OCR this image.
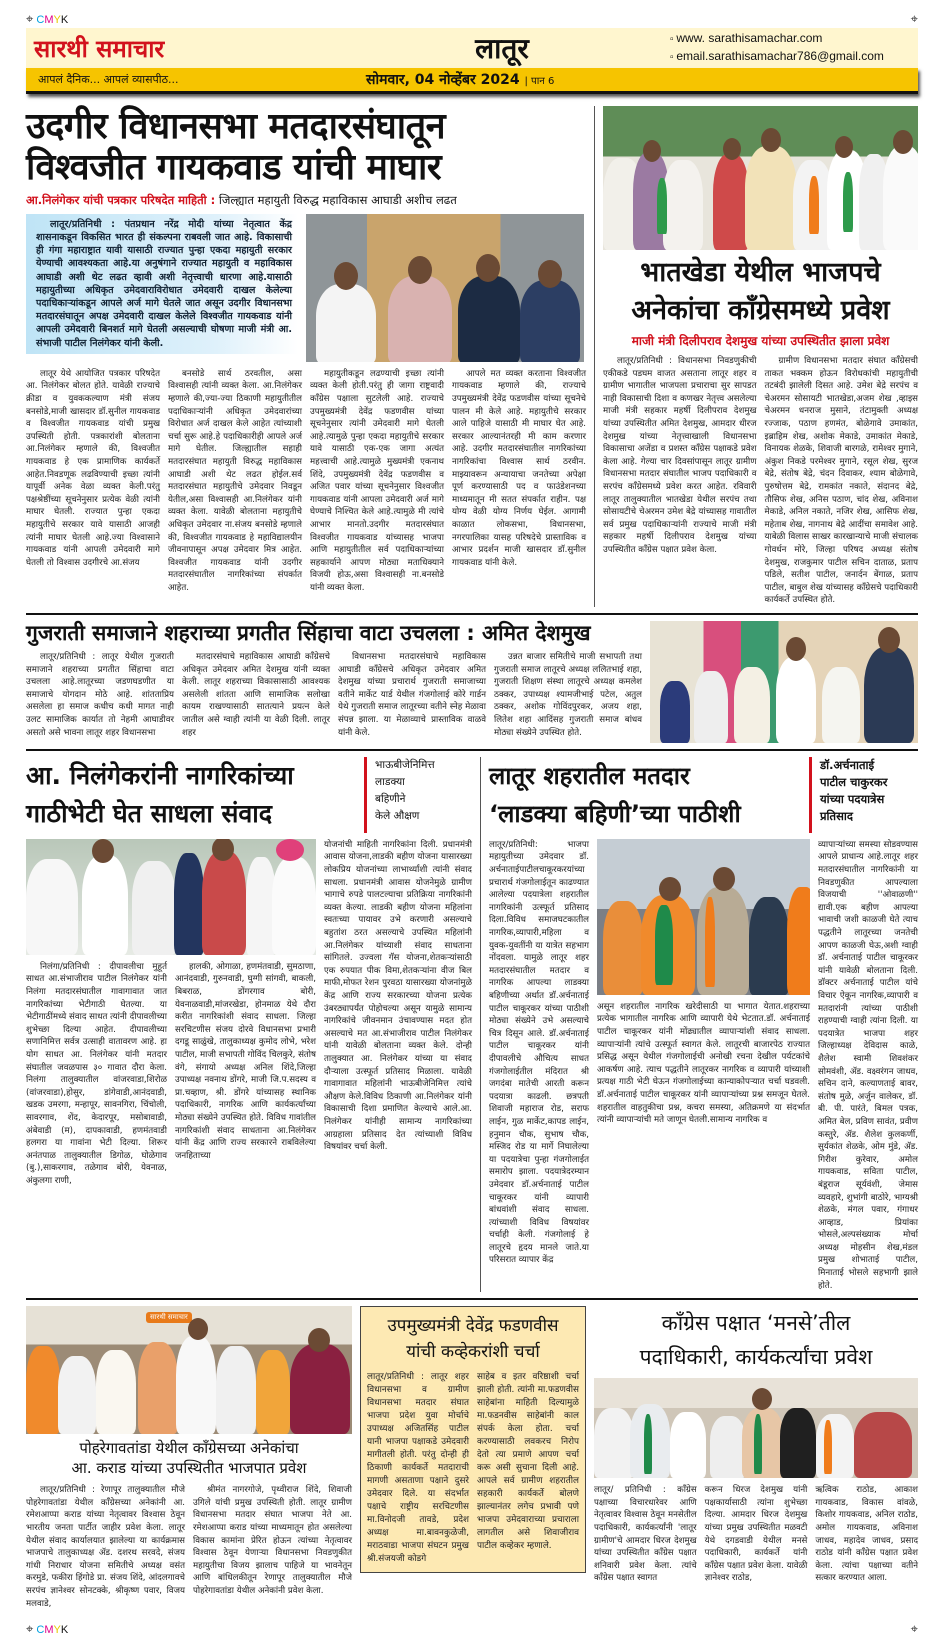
⌖ CMYK	⌖
सारथी समाचार	लातूर	▫ www. sarathisamachar.com
▫ email.sarathisamachar786@gmail.com
आपलं दैनिक... आपलं व्यासपीठ...	सोमवार, 04 नोव्हेंबर 2024 | पान 6
उदगीर विधानसभा मतदारसंघातून
विश्वजीत गायकवाड यांची माघार
आ.निलंगेकर यांची पत्रकार परिषदेत माहिती : जिल्ह्यात महायुती विरुद्ध महाविकास आघाडी अशीच लढत
लातूर/प्रतिनिधी : पंतप्रधान नरेंद्र मोदी यांच्या नेतृत्वात केंद्र शासनाकडून विकसित भारत ही संकल्पना राबवली जात आहे. विकासाची ही गंगा महाराष्ट्रात यावी यासाठी राज्यात पुन्हा एकदा महायुती सरकार येण्याची आवश्यकता आहे.या अनुषंगाने राज्यात महायुती व महाविकास आघाडी अशी थेट लढत व्हावी अशी नेतृत्त्वाची धारणा आहे.यासाठी महायुतीच्या अधिकृत उमेदवाराविरोधात उमेदवारी दाखल केलेल्या पदाधिकाऱ्यांकडून आपले अर्ज मागे घेतले जात असून उदगीर विधानसभा मतदारसंघातून अपक्ष उमेदवारी दाखल केलेले विश्वजीत गायकवाड यांनी आपली उमेदवारी बिनशर्त मागे घेतली असल्याची घोषणा माजी मंत्री आ. संभाजी पाटील निलंगेकर यांनी केली.
लातूर येथे आयोजित पत्रकार परिषदेत आ. निलंगेकर बोलत होते. यावेळी राज्याचे क्रीडा व युवककल्याण मंत्री संजय बनसोडे,माजी खासदार डॉ.सुनील गायकवाड व विश्वजीत गायकवाड यांची प्रमुख उपस्थिती होती. पत्रकारांशी बोलताना आ.निलंगेकर म्हणाले की, विश्वजीत गायकवाड हे एक प्रामाणिक कार्यकर्ते आहेत.निवडणूक लढविण्याची इच्छा त्यांनी यापूर्वी अनेक वेळा व्यक्त केली.परंतु पक्षश्रेष्ठींच्या सूचनेनुसार प्रत्येक वेळी त्यांनी माघार घेतली. राज्यात पुन्हा एकदा महायुतीचे सरकार यावे यासाठी आजही त्यांनी माघार घेतली आहे.ज्या विश्वासाने गायकवाड यांनी आपली उमेदवारी मागे घेतली तो विश्वास उदगीरचे आ.संजय
बनसोडे सार्थ ठरवतील, असा विश्वासही त्यांनी व्यक्त केला. आ.निलंगेकर म्हणाले की,ज्या-ज्या ठिकाणी महायुतीतील पदाधिकाऱ्यांनी अधिकृत उमेदवारांच्या विरोधात अर्ज दाखल केले आहेत त्यांच्याशी चर्चा सुरू आहे.हे पदाधिकारीही आपले अर्ज मागे घेतील. जिल्ह्यातील सहाही मतदारसंघात महायुती विरुद्ध महाविकास आघाडी अशी थेट लढत होईल.सर्व मतदारसंघात महायुतीचे उमेदवार निवडून येतील,असा विश्वासही आ.निलंगेकर यांनी व्यक्त केला. यावेळी बोलताना महायुतीचे अधिकृत उमेदवार ना.संजय बनसोडे म्हणाले की, विश्वजीत गायकवाड हे महाविद्यालयीन जीवनापासून अपक्ष उमेदवार मित्र आहेत. विश्वजीत गायकवाड यांनी उदगीर मतदारसंघातील नागरिकांच्या संपर्कात आहेत.
महायुतीकडून लढण्याची इच्छा त्यांनी व्यक्त केली होती.परंतु ही जागा राष्ट्रवादी काँग्रेस पक्षाला सुटलेली आहे. राज्याचे उपमुख्यमंत्री देवेंद्र फडणवीस यांच्या सूचनेनुसार त्यांनी उमेदवारी मागे घेतली आहे.त्यामुळे पुन्हा एकदा महायुतीचे सरकार यावे यासाठी एक-एक जागा अत्यंत महत्त्वाची आहे.त्यामुळे मुख्यमंत्री एकनाथ शिंदे, उपमुख्यमंत्री देवेंद्र फडणवीस व अजित पवार यांच्या सूचनेनुसार विश्वजीत गायकवाड यांनी आपला उमेदवारी अर्ज मागे घेण्याचे निश्चित केले आहे.त्यामुळे मी त्यांचे आभार मानतो.उदगीर मतदारसंघात विश्वजीत गायकवाड यांच्यासह भाजपा आणि महायुतीतील सर्व पदाधिकाऱ्यांच्या सहकार्याने आपण मोठ्या मताधिक्याने विजयी होऊ,असा विश्वासही ना.बनसोडे यांनी व्यक्त केला.
आपले मत व्यक्त करताना विश्वजीत गायकवाड म्हणाले की, राज्याचे उपमुख्यमंत्री देवेंद्र फडणवीस यांच्या सूचनेचे पालन मी केले आहे. महायुतीचे सरकार आले पाहिजे यासाठी मी माघार घेत आहे. सरकार आल्यानंतरही मी काम करणार आहे. उदगीर मतदारसंघातील नागरिकांच्या नागरिकांचा विश्वास सार्थ ठरवीन. माझ्यावरून अन्यायाचा जनतेच्या अपेक्षा पूर्ण करण्यासाठी पद व फाउंडेशनच्या माध्यमातून मी सतत संपर्कात राहीन. पक्ष योग्य वेळी योग्य निर्णय घेईल. आगामी काळात लोकसभा, विधानसभा, नगरपालिका यासह परिषदेचे प्रास्ताविक व आभार प्रदर्शन माजी खासदार डॉ.सुनील गायकवाड यांनी केले.
भातखेडा येथील भाजपचे
अनेकांचा काँग्रेसमध्ये प्रवेश
माजी मंत्री दिलीपराव देशमुख यांच्या उपस्थितीत झाला प्रवेश
लातूर/प्रतिनिधी : विधानसभा निवडणुकीची एकीकडे पडघम वाजत असताना लातूर शहर व ग्रामीण भागातील भाजपला प्रचाराचा सुर सापडत नाही विकासाची दिशा व कणखर नेतृत्त्व असलेल्या माजी मंत्री सहकार महर्षी दिलीपराव देशमुख यांच्या उपस्थितीत अमित देशमुख, आमदार धीरज देशमुख यांच्या नेतृत्त्वाखाली विधानसभा विकासाचा अजेंडा व प्रशस्त काँग्रेस पक्षाकडे प्रवेश केला आहे. गेल्या चार दिवसांपासून लातूर ग्रामीण विधानसभा मतदार संघातील भाजप पदाधिकारी व सरपंच काँग्रेसमध्ये प्रवेश करत आहेत. रविवारी लातूर तालुक्यातील भातखेडा येथील सरपंच तथा सोसायटीचे चेअरमन उमेश बेद्रे यांच्यासह गावातील सर्व प्रमुख पदाधिकाऱ्यांनी राज्याचे माजी मंत्री सहकार महर्षी दिलीपराव देशमुख यांच्या उपस्थितीत काँग्रेस पक्षात प्रवेश केला.
ग्रामीण विधानसभा मतदार संघात काँग्रेसची ताकत भक्कम होऊन विरोधकांची महायुतीची तटबंदी झालेली दिसत आहे. उमेश बेद्रे सरपंच व चेअरमन सोसायटी भातखेडा,अजम शेख ,व्हाइस चेअरमन धनराज मुसाने, तंटामुक्ती अध्यक्ष रज्जाक, पठाण हणमंत, बोळेगावे उमाकांत, इब्राहिम शेख, अशोक मेकाडे, उमाकांत मेकाडे, विनायक शेळके, शिवाजी बारगळे, रामेश्वर मुगाने, अंकुश निकडे परमेश्वर मुगाने, रसूल शेख, सुरज बेद्रे, संतोष बेद्रे, चंदन दिवाकर, श्याम बोळेगावे, पुरुषोत्तम बेद्रे, रामकांत नकाते, संदानद बेद्रे, तौसिफ शेख, अनिस पठाण, चांद शेख, अविनाश मेकाडे, अनिल नकाते, नजिर शेख, आसिफ शेख, महेताब शेख, नागनाथ बेद्रे आदींचा समावेश आहे. याबेळी विलास साखर कारखान्याचे माजी संचालक गोवर्धन मोरे, जिल्हा परिषद अध्यक्ष संतोष देशमुख, राजकुमार पाटील सचिन दाताळ, प्रताप पडिले, सतीश पाटील, जनार्दन बेंगाळ, प्रताप पाटील, बाबुल शेख यांच्यासह काँग्रेसचे पदाधिकारी कार्यकर्ते उपस्थित होते.
गुजराती समाजाने शहराच्या प्रगतीत सिंहाचा वाटा उचलला : अमित देशमुख
लातूर/प्रतिनिधी : लातूर येथील गुजराती समाजाने शहराच्या प्रगतीत सिंहाचा वाटा उचलला आहे.लातूरच्या जडणघडणीत या समाजाचे योगदान मोठे आहे. शांतताप्रिय असलेला हा समाज कधीच कधी मागत नाही उलट सामाजिक कार्यात तो नेहमी आघाडीवर असतो असे भावना लातूर शहर विधानसभा
मतदारसंघाचे महाविकास आघाडी काँग्रेसचे अधिकृत उमेदवार अमित देशमुख यांनी व्यक्त केली. लातूर शहराच्या विकासासाठी आवश्यक असलेली शांतता आणि सामाजिक सलोखा कायम राखण्यासाठी सातत्याने प्रयत्न केले जातील असे ग्वाही त्यांनी या वेळी दिली. लातूर शहर
विधानसभा मतदारसंघाचे महाविकास आघाडी काँग्रेसचे अधिकृत उमेदवार अमित देशमुख यांच्या प्रचारार्थ गुजराती समाजाच्या वतीने मार्केट यार्ड येथील गंजगोलाई कोरे गार्डन येथे गुजराती समाज लातूरच्या वतीने स्नेह मेळावा संपन्न झाला. या मेळाव्याचे प्रास्ताविक वाळवे यांनी केले.
उन्नत बाजार समितीचे माजी सभापती तथा गुजराती समाज लातूरचे अध्यक्ष ललितभाई शहा, गुजराती शिक्षण संस्था लातूरचे अध्यक्ष कमलेश ठक्कर, उपाध्यक्ष श्यामजीभाई पटेल, अतुल ठक्कर, अशोक गोविंदपुरकर, अजय शहा, लितेश शहा आदिंसह गुजराती समाज बांधव मोठ्या संख्येने उपस्थित होते.
आ. निलंगेकरांनी नागरिकांच्या
गाठीभेटी घेत साधला संवाद
भाऊबीजेनिमित्त
लाडक्या
बहिणीने
केले औक्षण
निलंगा/प्रतिनिधी : दीपावलीचा मुहूर्त साधत आ.संभाजीराव पाटील निलंगेकर यांनी निलंगा मतदारसंघातील गावागावात जात नागरिकांच्या भेटीगाठी घेतल्या. या भेटीगाठींमध्ये संवाद साधत त्यांनी दीपावलीच्या शुभेच्छा दिल्या आहेत. दीपावलीच्या सणानिमित्त सर्वत्र उत्साही वातावरण आहे. हा योग साधत आ. निलंगेकर यांनी मतदार संघातील जवळपास ३० गावात दौरा केला. निलंगा तालुक्यातील वांजरवाडा,शिरोळ (वांजरवाडा),होसुर, डांगेवाडी,आनंदवाडी, खडक उमरगा, मन्हापूर, सावनगिरा, चिंचोली, सावरगाव, शेंद, केदारपूर, मसोबावाडी, अंबेवाडी (म), दापकावाडी, हणमंतवाडी हलगरा या गावांना भेटी दिल्या. शिरूर अनंतपाळ तालुक्यातील डिगोळ, घोळेगाव (बु.),साकरगाव, तळेगाव बोरी, येवनाळ, अंकुलगा राणी,
हालकी, ओगाळा, हणमंतवाडी, सुमठाणा, आनंदवाडी, गुरुनवाडी, घुग्गी सांगवी, बाकली, बिबराळ, डोंगरगाव बोरी, येवनाळवाडी,मांजरखेडा, होनमाळ येथे दौरा करीत नागरिकांशी संवाद साधला. जिल्हा सरचिटणीस संजय दोरवे विधानसभा प्रभारी दगडू साळुंखे, तालुकाध्यक्ष कुमोद लोभे, भरेश पाटील, माजी सभापती गोविंद चिलकुरे, संतोष वंगे, संगायो अध्यक्ष अनिल शिंदे,जिल्हा उपाध्यक्ष नवनाथ डोंगरे, माजी जि.प.सदस्य व प्रा.चव्हाण, श्री. डोंगरे यांच्यासह स्थानिक पदाधिकारी, नागरिक आणि कार्यकर्त्यांच्या मोठ्या संख्येने उपस्थित होते. विविध गावांतील नागरिकांशी संवाद साधताना आ.निलंगेकर यांनी केंद्र आणि राज्य सरकारने राबविलेल्या जनहिताच्या
योजनांची माहिती नागरिकांना दिली. प्रधानमंत्री आवास योजना,लाडकी बहीण योजना यासारख्या लोकप्रिय योजनांच्या लाभार्थ्यांशी त्यांनी संवाद साधला. प्रधानमंत्री आवास योजनेमुळे ग्रामीण भागाचे रुपडे पालटल्याचा प्रतिक्रिया नागरिकांनी व्यक्त केल्या. लाडकी बहीण योजना महिलांना स्वतःच्या पायावर उभे करणारी असल्याचे बहुतांश ठरत असल्याचे उपस्थित महिलांनी आ.निलंगेकर यांच्याशी संवाद साधताना सांगितले. उज्वला गॅस योजना,शेतकऱ्यांसाठी एक रुपयात पीक विमा,शेतकऱ्यांना वीज बिल माफी,मोफत रेशन पुरवठा यासारख्या योजनांमुळे केंद्र आणि राज्य सरकारच्या योजना प्रत्येक उंबरठ्यापर्यंत पोहोचल्या असून यामुळे सामान्य नागरिकांचे जीवनमान उंचावण्यास मदत होत असल्याचे मत आ.संभाजीराव पाटील निलंगेकर यांनी यावेळी बोलताना व्यक्त केले. दोन्ही तालुक्यात आ. निलंगेकर यांच्या या संवाद दौऱ्याला उत्स्फूर्त प्रतिसाद मिळाला. यावेळी गावागावात महिलांनी भाऊबीजेनिमित्त त्यांचे औक्षण केले.विविध ठिकाणी आ.निलंगेकर यांनी विकासाची दिशा प्रमाणित केल्याचे आले.आ. निलंगेकर यांनीही सामान्य नागरिकांच्या आग्रहाला प्रतिसाद देत त्यांच्याशी विविध विषयांवर चर्चा केली.
लातूर शहरातील मतदार
‘लाडक्या बहिणी’च्या पाठीशी
डॉ.अर्चनाताई
पाटील चाकुरकर
यांच्या पदयात्रेस
प्रतिसाद
लातूर/प्रतिनिधी: भाजपा महायुतीच्या उमेदवार डॉ. अर्चनाताईपाटीलचाकूरकरयांच्या प्रचारार्थ गंजगोलाईतून काढण्यात आलेल्या पदयात्रेला शहरातील नागरिकांनी उत्स्फूर्त प्रतिसाद दिला.विविध समाजघटकातील नागरिक,व्यापारी,महिला व युवक-युवतींनी या यात्रेत सहभाग नोंदवला. यामुळे लातूर शहर मतदारसंघातील मतदार व नागरिक आपल्या लाडक्या बहिणीच्या अर्थात डॉ.अर्चनाताई पाटील चाकूरकर यांच्या पाठीशी मोठ्या संख्येने उभे असल्याचे चित्र दिसून आले. डॉ.अर्चनाताई पाटील चाकूरकर यांनी दीपावलीचे औचित्य साधत गंजगोलाईतील मंदिरात श्री जगदंबा मातेची आरती करून पदयात्रा काढली. छत्रपती शिवाजी महाराज रोड, सराफ लाईन, गुळ मार्केट,कापड लाईन, हनुमान चौक, सुभाष चौक, मस्जिद रोड या मार्गे निघालेल्या या पदयात्रेचा पुन्हा गंजगोलाईत समारोप झाला. पदयात्रेदरम्यान उमेदवार डॉ.अर्चनाताई पाटील चाकूरकर यांनी व्यापारी बांधवांशी संवाद साधला. त्यांच्याशी विविध विषयांवर चर्चाही केली. गंजगोलाई हे लातूरचे हृदय मानले जाते.या परिसरात व्यापार केंद्र
असून शहरातील नागरिक खरेदीसाठी या भागात येतात.शहराच्या प्रत्येक भागातील नागरिक आणि व्यापारी येथे भेटतात.डॉ. अर्चनाताई पाटील चाकूरकर यांनी मोंढ्यातील व्यापाऱ्यांशी संवाद साधला. व्यापाऱ्यांनी त्यांचे उत्स्फूर्त स्वागत केले. लातूरची बाजारपेठ राज्यात प्रसिद्ध असून येथील गंजगोलाईची अनोखी रचना देखील पर्यटकांचे आकर्षण आहे. त्याच पद्धतीने लातूरकर नागरिक व व्यापारी यांच्याशी प्रत्यक्ष गाठी भेटी घेऊन गंजगोलाईच्या कान्याकोपऱ्यात चर्चा घडवली. डॉ.अर्चनाताई पाटील चाकूरकर यांनी व्यापाऱ्यांच्या प्रश्न समजून घेतले. शहरातील वाहतुकीचा प्रश्न, कचरा समस्या, अतिक्रमणे या संदर्भात त्यांनी व्यापाऱ्यांची मते जाणून घेतली.सामान्य नागरिक व
व्यापाऱ्यांच्या समस्या सोडवण्यास आपले प्राधान्य आहे.लातूर शहर मतदारसंघातील नागरिकांनी या निवडणुकीत आपल्याला विजयाची ''ओवाळणी'' द्यावी.एक बहीण आपल्या भावाची जशी काळजी घेते त्याच पद्धतीने लातूरच्या जनतेची आपण काळजी घेऊ,अशी ग्वाही डॉ. अर्चनाताई पाटील चाकूरकर यांनी यावेळी बोलताना दिली. डॉक्टर अर्चनाताई पाटील यांचे विचार ऐकून नागरिक,व्यापारी व मतदारांनी त्यांच्या पाठीशी राहण्याची ग्वाही त्यांना दिली. या पदयात्रेत भाजपा शहर जिल्हाध्यक्ष देविदास काळे, शैलेश स्वामी शिवशंकर सोमवंशी, ॲड. वक्ष्वरंगन जाधव, सचिन दाने, कल्याणताई बावर, संतोष मुळे, अर्जुन वालेकर, डॉ. बी. पी. पारंते, बिमल पत्रक, अमित बेल, प्रविण सावंत, प्रवीण कस्तुरे, ॲड. शैलेश कुलकर्णी, सुर्यकांत शेळके, ओम मुंडे, ॲड. गिरीश कुरेवार, अमोल गायकवाड, सविता पाटील, बंडूराज सूर्यवंशी, जेमास व्यवहारे, शुभांगी बाठोरे, भाग्यश्री शेळके, मंगल पवार, गंगाधर आव्हाड, प्रियांका भोसले,अल्पसंख्याक मोर्चा अध्यक्ष मोहसीन शेख,मंडल प्रमुख शोभाताई पाटील, मिनाताई भोसले सहभागी झाले होते.
सारथी समाचार
पोहरेगावतांडा येथील काँग्रेसच्या अनेकांचा
आ. कराड यांच्या उपस्थितीत भाजपात प्रवेश
लातूर/प्रतिनिधी : रेणापूर तालुक्यातील मौजे पोहरेगावतांडा येथील काँग्रेसच्या अनेकांनी आ. रमेशआप्पा कराड यांच्या नेतृत्वावर विश्वास ठेवून भारतीय जनता पार्टीत जाहीर प्रवेश केला. लातूर येथील संवाद कार्यालयात झालेल्या या कार्यक्रमास भाजपाचे तालुकाध्यक्ष ॲड. दशरथ सरवदे, संजय गांधी निराधार योजना समितीचे अध्यक्ष वसंत करमुडे, फकीरा हिंगोडे प्रा. संजय शिंदे, आंदलगावचे सरपंच ज्ञानेश्वर सोनटक्के, श्रीकृष्ण पवार, विजय मलवाडे,
श्रीमंत नागरगोजे, पृथ्वीराज शिंदे, शिवाजी उगिले यांची प्रमुख उपस्थिती होती. लातूर ग्रामीण विधानसभा मतदार संघात भाजपा नेते आ. रमेशआप्पा कराड यांच्या माध्यमातून होत असलेल्या विकास कामांना प्रेरित होऊन त्यांच्या नेतृत्वावर विश्वास ठेवून येणाऱ्या विधानसभा निवडणुकीत महायुतीचा विजय झालाच पाहिजे या भावनेतून आणि बांधिलकीतून रेणापूर तालुक्यातील मौजे पोहरेगावतांडा येथील अनेकांनी प्रवेश केला.
उपमुख्यमंत्री देवेंद्र फडणवीस
यांची कव्हेकरांशी चर्चा
लातूर/प्रतिनिधी : लातूर शहर विधानसभा व ग्रामीण विधानसभा मतदार संघात भाजपा प्रदेश युवा मोर्चाचे उपाध्यक्ष अजितसिंह पाटील यानी भाजपा पक्षाकडे उमेदवारी मागीतली होती. परंतु दोन्ही ही ठिकाणी कार्यकर्ते मतदाराची मागणी असताणा पक्षाने दुसरे उमेदवार दिले. या संदर्भात पक्षाचे राष्ट्रीय सरचिटणीस मा.विनोदजी तावडे, प्रदेश अध्यक्ष मा.बावनकुळेजी, मराठवाडा भाजपा संघटन प्रमुख श्री.संजयजी कोडगे
साहेब व इतर वरिष्ठाशी चर्चा झाली होती. त्यांनी मा.फडणवीस साहेबांना माहिती दिल्यामुळे मा.फडनवीस साहेबांनी काल संपर्क केला होता. चर्चा करण्यासाठी लवकरच निरोप देतो त्या प्रमाणे आपण चर्चा करू असी सुचाना दिली आहे. आपले सर्व ग्रामीण शहरातील सहकारी कार्यकर्ते बोलणे झाल्यानंतर लगेच प्रभावी पणे भाजपा उमेदवाराच्या प्रचाराला लागतील असे शिवाजीराव पाटील कव्हेकर म्हणाले.
काँग्रेस पक्षात ‘मनसे’तील
पदाधिकारी, कार्यकर्त्यांचा प्रवेश
लातूर/ प्रतिनिधी : काँग्रेस पक्षाच्या विचारधारेवर आणि नेतृत्वावर विश्वास ठेवून मनसेतील पदाधिकारी, कार्यकर्त्यांनी 'लातूर ग्रामीण'चे आमदार धिरज देशमुख यांच्या उपस्थितीत काँग्रेस पक्षात शनिवारी प्रवेश केला. त्यांचे काँग्रेस पक्षात स्वागत
करून धिरज देशमुख यांनी पक्षकार्यासाठी त्यांना शुभेच्छा दिल्या. आमदार धिरज देशमुख यांच्या प्रमुख उपस्थितीत मळवटी येथे दगडवाडी येथील मनसे पदाधिकारी, कार्यकर्ते यांनी काँग्रेस पक्षात प्रवेश केला. यावेळी ज्ञानेश्वर राठोड,
ऋत्विक राठोड, आकाश गायकवाड, विकास वांवळे, किशोर गायकवाड, अनिल राठोड, अमोल गायकवाड, अविनाश जाधव, महादेव जाधव, प्रसाद राठोड यांनी काँग्रेस पक्षात प्रवेश केला. त्यांचा पक्षाच्या वतीने सत्कार करण्यात आला.
⌖ CMYK	⌖
